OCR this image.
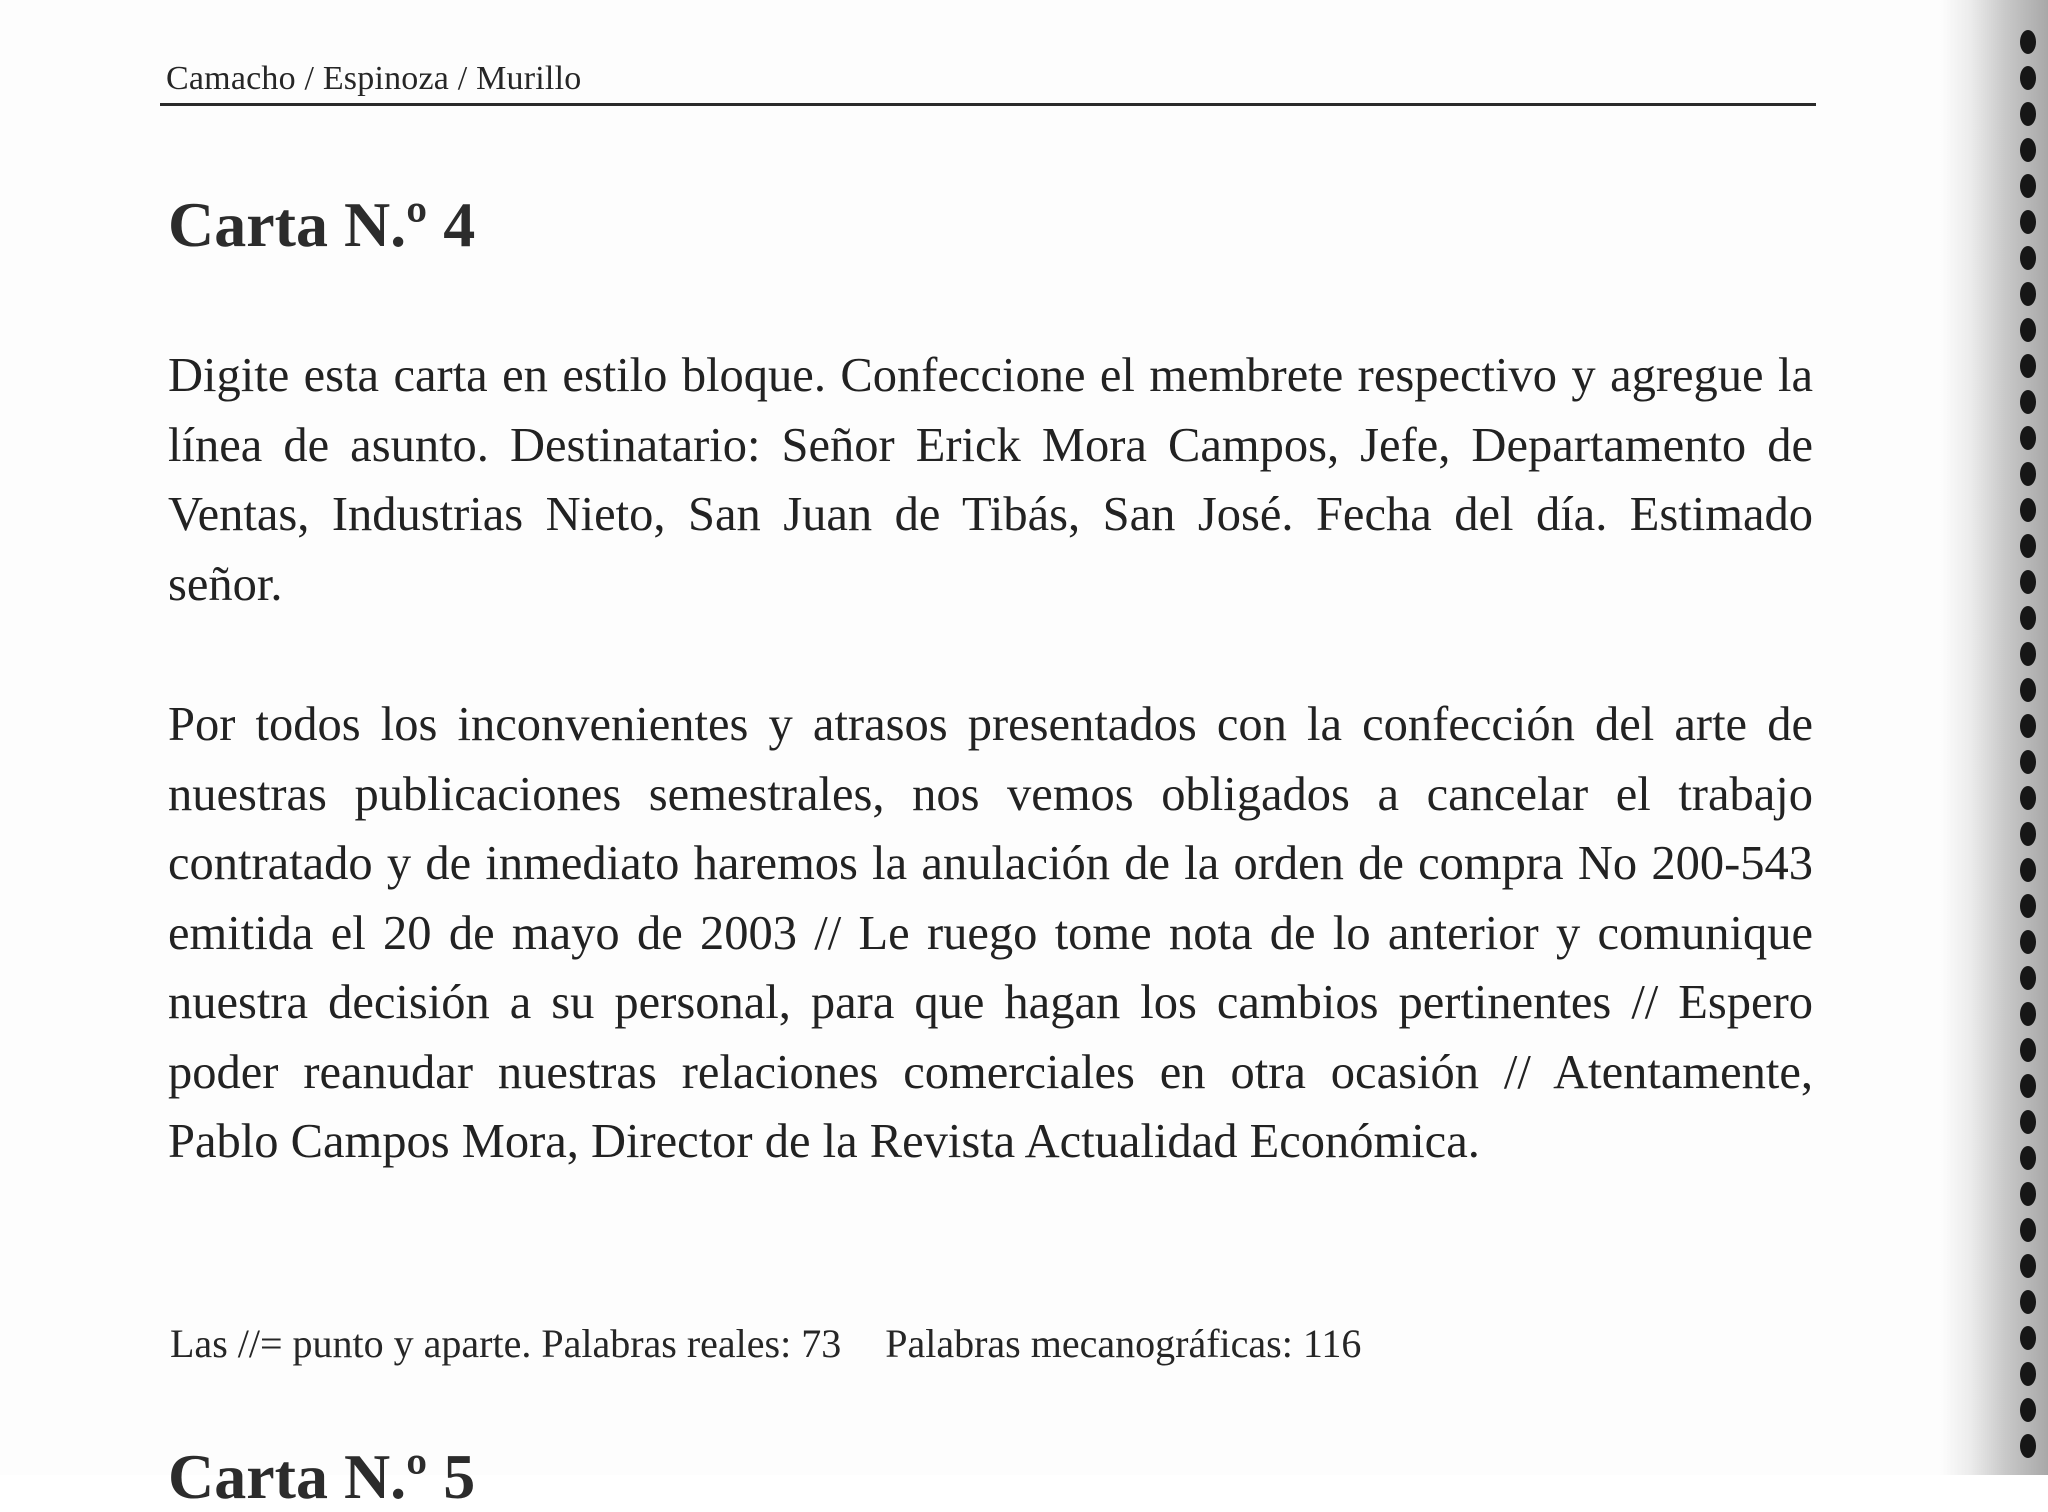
Camacho / Espinoza / Murillo
Carta N.º 4

Digite esta carta en estilo bloque. Confeccione el membrete respectivo y agregue la línea de asunto. Destinatario: Señor Erick Mora Campos, Jefe, Departamento de Ventas, Industrias Nieto, San Juan de Tibás, San José. Fecha del día. Estimado señor.

Por todos los inconvenientes y atrasos presentados con la confección del arte de nuestras publicaciones semestrales, nos vemos obligados a cancelar el trabajo contratado y de inmediato haremos la anulación de la orden de compra No 200-543 emitida el 20 de mayo de 2003 // Le ruego tome nota de lo anterior y comunique nuestra decisión a su personal, para que hagan los cambios pertinentes // Espero poder reanudar nuestras relaciones comerciales en otra ocasión // Atentamente, Pablo Campos Mora, Director de la Revista Actualidad Económica.

Las //= punto y aparte. Palabras reales: 73 Palabras mecanográficas: 116
Carta N.º 5
